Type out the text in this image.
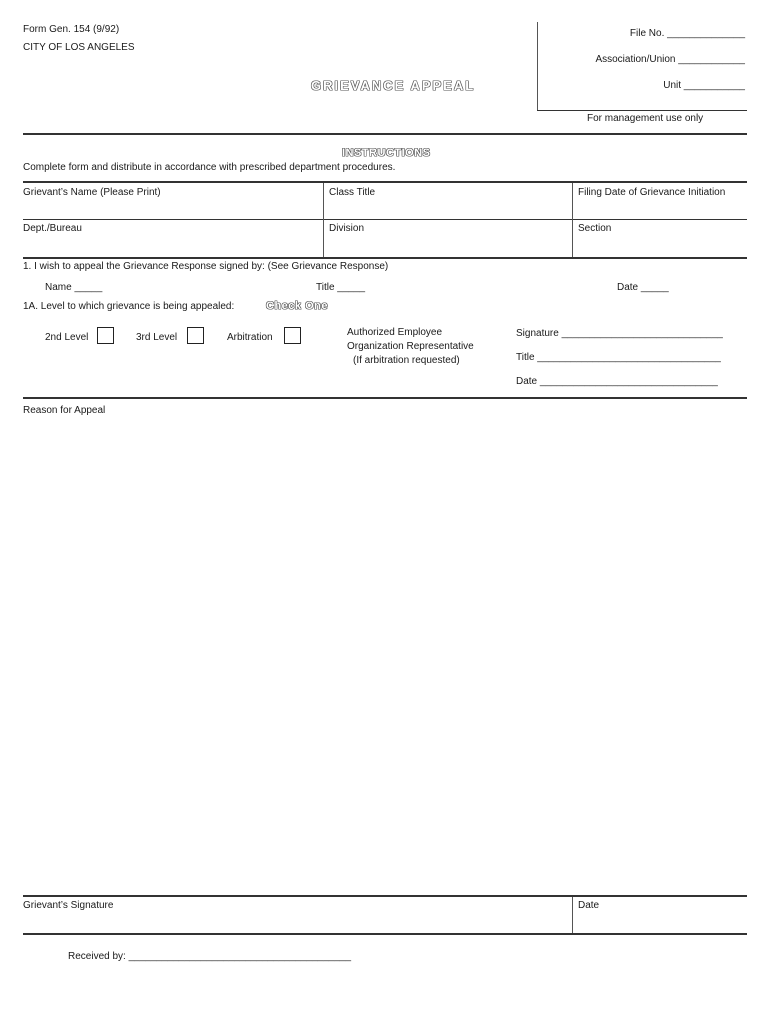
Form Gen. 154 (9/92)
CITY OF LOS ANGELES
GRIEVANCE APPEAL
File No. ______________
Association/Union ____________
Unit ___________
For management use only
INSTRUCTIONS
Complete form and distribute in accordance with prescribed department procedures.
Grievant’s Name (Please Print)	Class Title	Filing Date of Grievance Initiation
Dept./Bureau	Division	Section
1. I wish to appeal the Grievance Response signed by: (See Grievance Response)
Name _____	Title _____	Date _____
1A. Level to which grievance is being appealed:	Check One
2nd Level	3rd Level	Arbitration	Authorized Employee
Organization Representative
(If arbitration requested)
Signature _____________________________
Title _________________________________
Date ________________________________
Reason for Appeal
Grievant’s Signature	Date
Received by: ________________________________________
